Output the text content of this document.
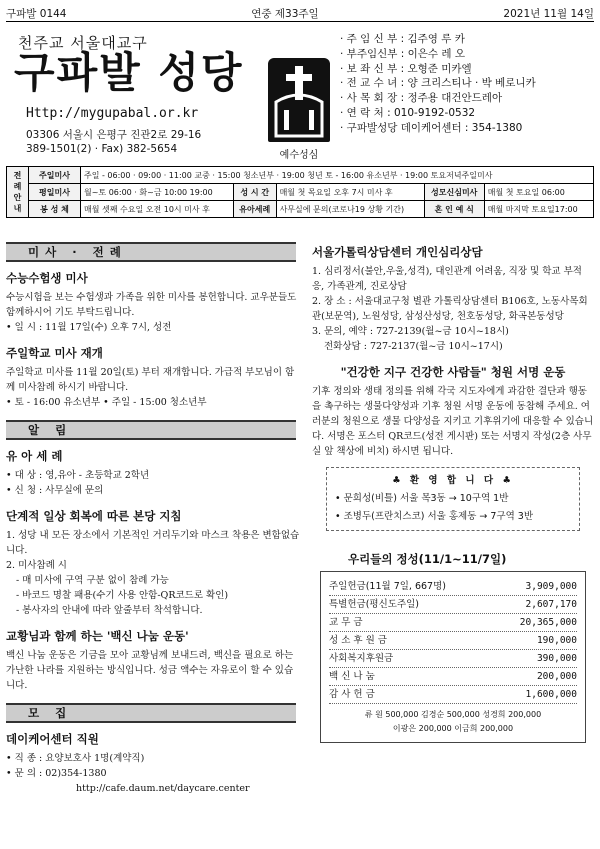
구파발 0144	연중 제33주일	2021년 11월 14일
천주교 서울대교구
구파발 성당
Http://mygupabal.or.kr
03306 서울시 은평구 진관2로 29-16
389-1501(2) · Fax) 382-5654
예수성심
· 주 임 신 부 : 김주영 루 카
· 부주임신부 : 이은수 레 오
· 보 좌 신 부 : 오형준 미카엘
· 전 교 수 녀 : 양 크리스티나 · 박 베로니카
· 사 목 회 장 : 정주용 대건안드레아
· 연 락 처 : 010-9192-0532
· 구파발성당 데이케어센터 : 354-1380
전례안내	주일미사	주일 - 06:00 · 09:00 · 11:00 교중 · 15:00 청소년부 · 19:00 청년 토 - 16:00 유소년부 · 19:00 토요저녁주일미사				
	평일미사	월~토 06:00 · 화~금 10:00 19:00	성 시 간	매월 첫 목요일 오후 7시 미사 후	성모신심미사	매월 첫 토요일 06:00
	봉 성 체	매월 셋째 수요일 오전 10시 미사 후	유아세례	사무실에 문의(코로나19 상황 기간)	혼 인 예 식	매월 마지막 토요일17:00
미사 · 전례
수능수험생 미사
수능시험을 보는 수험생과 가족을 위한 미사를 봉헌합니다. 교우분들도 함께하시어 기도 부탁드립니다.
• 일 시 : 11월 17일(수) 오후 7시, 성전
주일학교 미사 재개
주일학교 미사를 11월 20일(토) 부터 재개합니다. 가급적 부모님이 함께 미사참례 하시기 바랍니다.
• 토 - 16:00 유소년부 • 주일 - 15:00 청소년부
알 림
유 아 세 례
• 대 상 : 영,유아 - 초등학교 2학년
• 신 청 : 사무실에 문의
단계적 일상 회복에 따른 본당 지침
1. 성당 내 모든 장소에서 기본적인 거리두기와 마스크 착용은 변함없습니다.
2. 미사참례 시
- 매 미사에 구역 구분 없이 참례 가능
- 바코드 명찰 패용(수기 사용 안함-QR코드로 확인)
- 봉사자의 안내에 따라 앞줄부터 착석합니다.
교황님과 함께 하는 '백신 나눔 운동'
백신 나눔 운동은 기금을 모아 교황님께 보내드려, 백신을 필요로 하는 가난한 나라를 지원하는 방식입니다. 성금 액수는 자유로이 할 수 있습니다.
모 집
데이케어센터 직원
• 직 종 : 요양보호사 1명(계약직)
• 문 의 : 02)354-1380
http://cafe.daum.net/daycare.center
서울가톨릭상담센터 개인심리상담
1. 심리정서(불안,우울,성격), 대인관계 어려움, 직장 및 학교 부적응, 가족관계, 진로상담
2. 장 소 : 서울대교구청 별관 가톨릭상담센터 B106호, 노동사목회관(보문역), 노원성당, 삼성산성당, 천호동성당, 화곡본동성당
3. 문의, 예약 : 727-2139(월~금 10시~18시)
전화상담 : 727-2137(월~금 10시~17시)
"건강한 지구 건강한 사람들" 청원 서명 운동
기후 정의와 생태 정의를 위해 각국 지도자에게 과감한 결단과 행동을 촉구하는 생물다양성과 기후 청원 서명 운동에 동참해 주세요. 여러분의 청원으로 생물 다양성을 지키고 기후위기에 대응할 수 있습니다. 서명은 포스터 QR코드(성전 게시판) 또는 서명지 작성(2층 사무실 앞 책상에 비치) 하시면 됩니다.
♣ 환 영 합 니 다 ♣
• 문희성(비틀) 서울 목3동 → 10구역 1반
• 조병두(프란치스코) 서울 홍제동 → 7구역 3반
우리들의 정성(11/1~11/7일)
주일헌금(11월 7일, 667명)	3,909,000
특별헌금(평신도주일)	2,607,170
교 무 금	20,365,000
성 소 후 원 금	190,000
사회복지후원금	390,000
백 신 나 눔	200,000
감 사 헌 금	1,600,000
류 원 500,000 김경순 500,000 성경희 200,000
이광은 200,000 이금희 200,000
